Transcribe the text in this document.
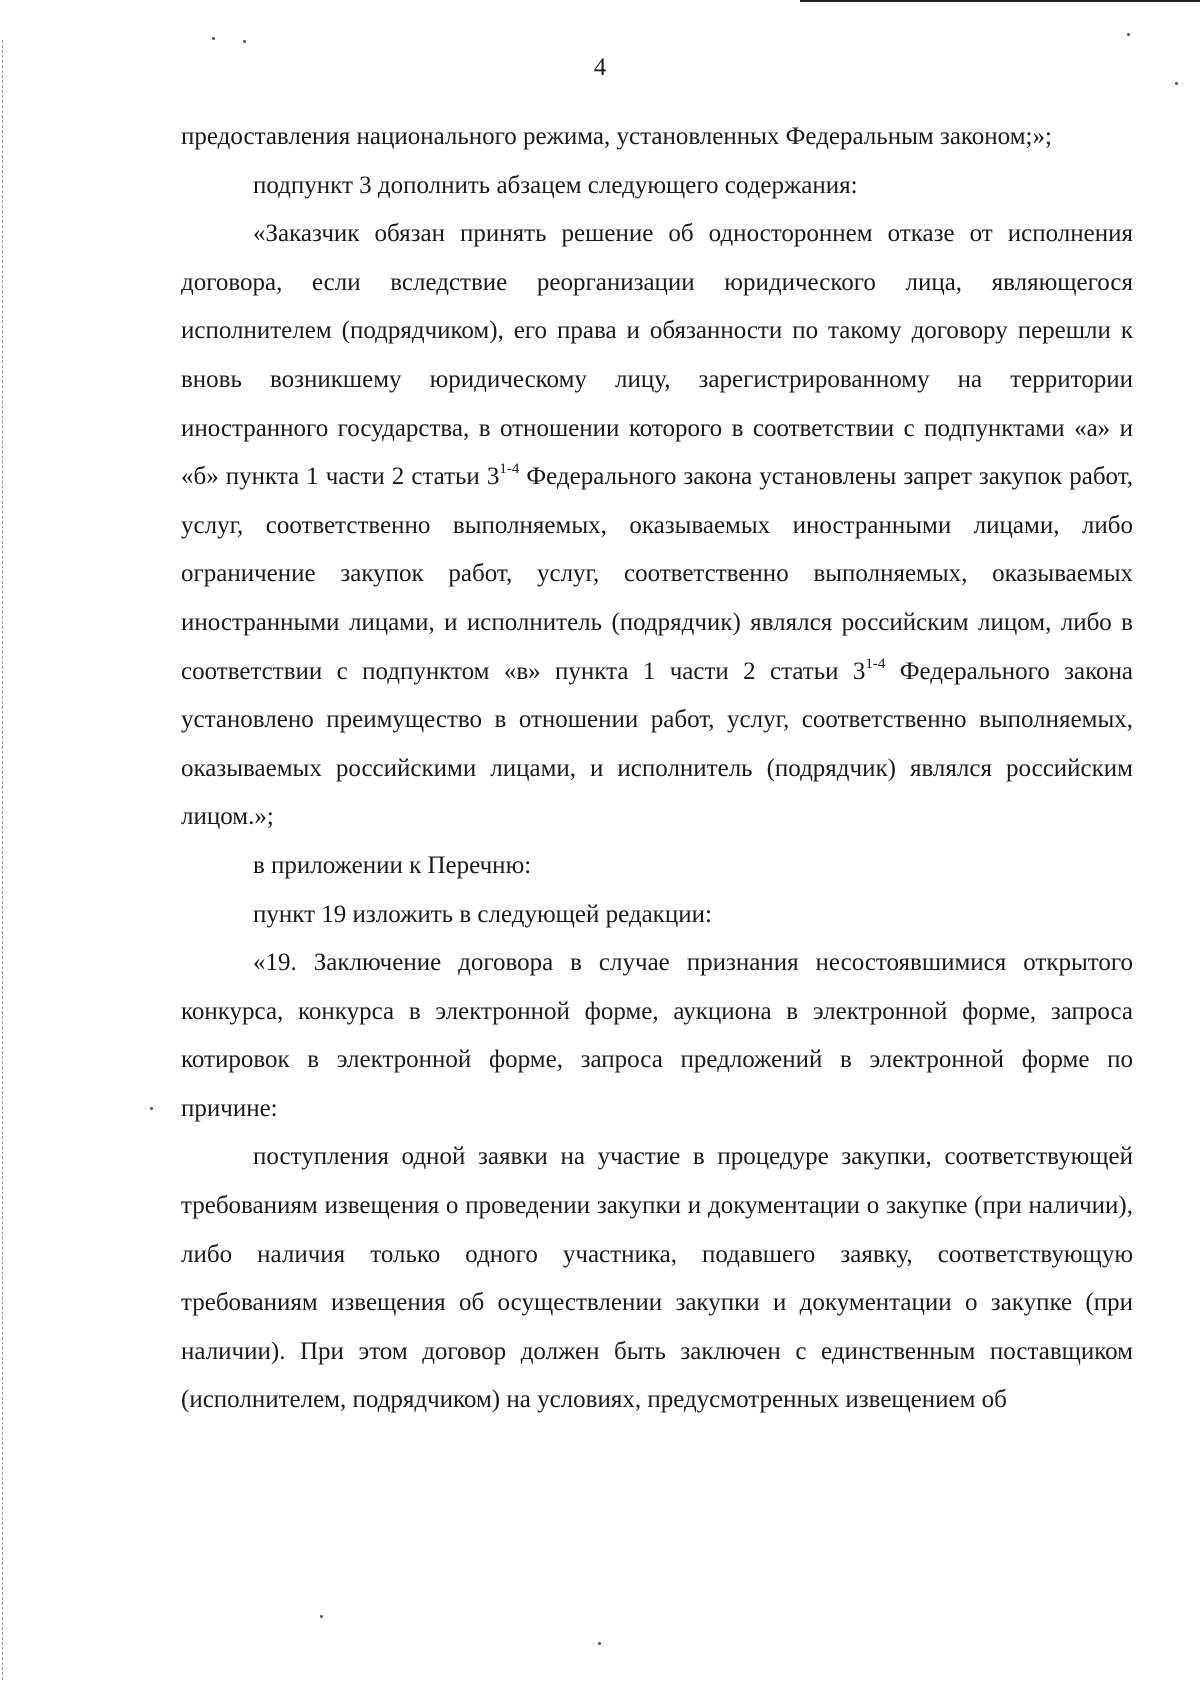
4

предоставления национального режима, установленных Федеральным законом;»;

подпункт 3 дополнить абзацем следующего содержания:

«Заказчик обязан принять решение об одностороннем отказе от исполнения договора, если вследствие реорганизации юридического лица, являющегося исполнителем (подрядчиком), его права и обязанности по такому договору перешли к вновь возникшему юридическому лицу, зарегистрированному на территории иностранного государства, в отношении которого в соответствии с подпунктами «а» и «б» пункта 1 части 2 статьи 3$^{1-4}$ Федерального закона установлены запрет закупок работ, услуг, соответственно выполняемых, оказываемых иностранными лицами, либо ограничение закупок работ, услуг, соответственно выполняемых, оказываемых иностранными лицами, и исполнитель (подрядчик) являлся российским лицом, либо в соответствии с подпунктом «в» пункта 1 части 2 статьи 3$^{1-4}$ Федерального закона установлено преимущество в отношении работ, услуг, соответственно выполняемых, оказываемых российскими лицами, и исполнитель (подрядчик) являлся российским лицом.»;

в приложении к Перечню:

пункт 19 изложить в следующей редакции:

«19. Заключение договора в случае признания несостоявшимися открытого конкурса, конкурса в электронной форме, аукциона в электронной форме, запроса котировок в электронной форме, запроса предложений в электронной форме по причине:

поступления одной заявки на участие в процедуре закупки, соответствующей требованиям извещения о проведении закупки и документации о закупке (при наличии), либо наличия только одного участника, подавшего заявку, соответствующую требованиям извещения об осуществлении закупки и документации о закупке (при наличии). При этом договор должен быть заключен с единственным поставщиком (исполнителем, подрядчиком) на условиях, предусмотренных извещением об
